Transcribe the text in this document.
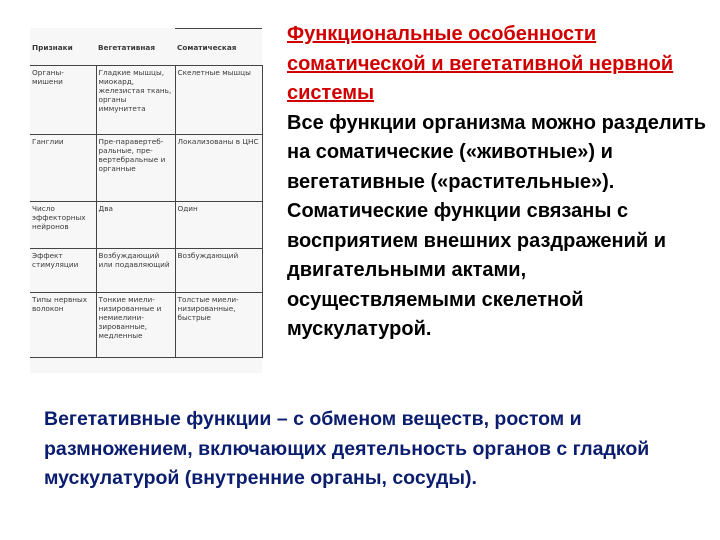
Признаки	Вегетативная	Соматическая
Органы-мишени	Гладкие мышцы, миокард, железистая ткань, органы иммунитета	Скелетные мышцы
Ганглии	Пре-паравертеб-ральные, пре-вертебральные и органные	Локализованы в ЦНС
Число эффекторных нейронов	Два	Один
Эффект стимуляции	Возбуждающий или подавляющий	Возбуждающий
Типы нервных волокон	Тонкие миели-низированные и немиелини-зированные, медленные	Толстые миели-низированные, быстрые
Функциональные особенности соматической и вегетативной нервной системы
Все функции организма можно разделить на соматические («животные») и вегетативные («растительные»). Соматические функции связаны с восприятием внешних раздражений и двигательными актами, осуществляемыми скелетной мускулатурой.
Вегетативные функции – с обменом веществ, ростом и размножением, включающих деятельность органов с гладкой мускулатурой (внутренние органы, сосуды).
